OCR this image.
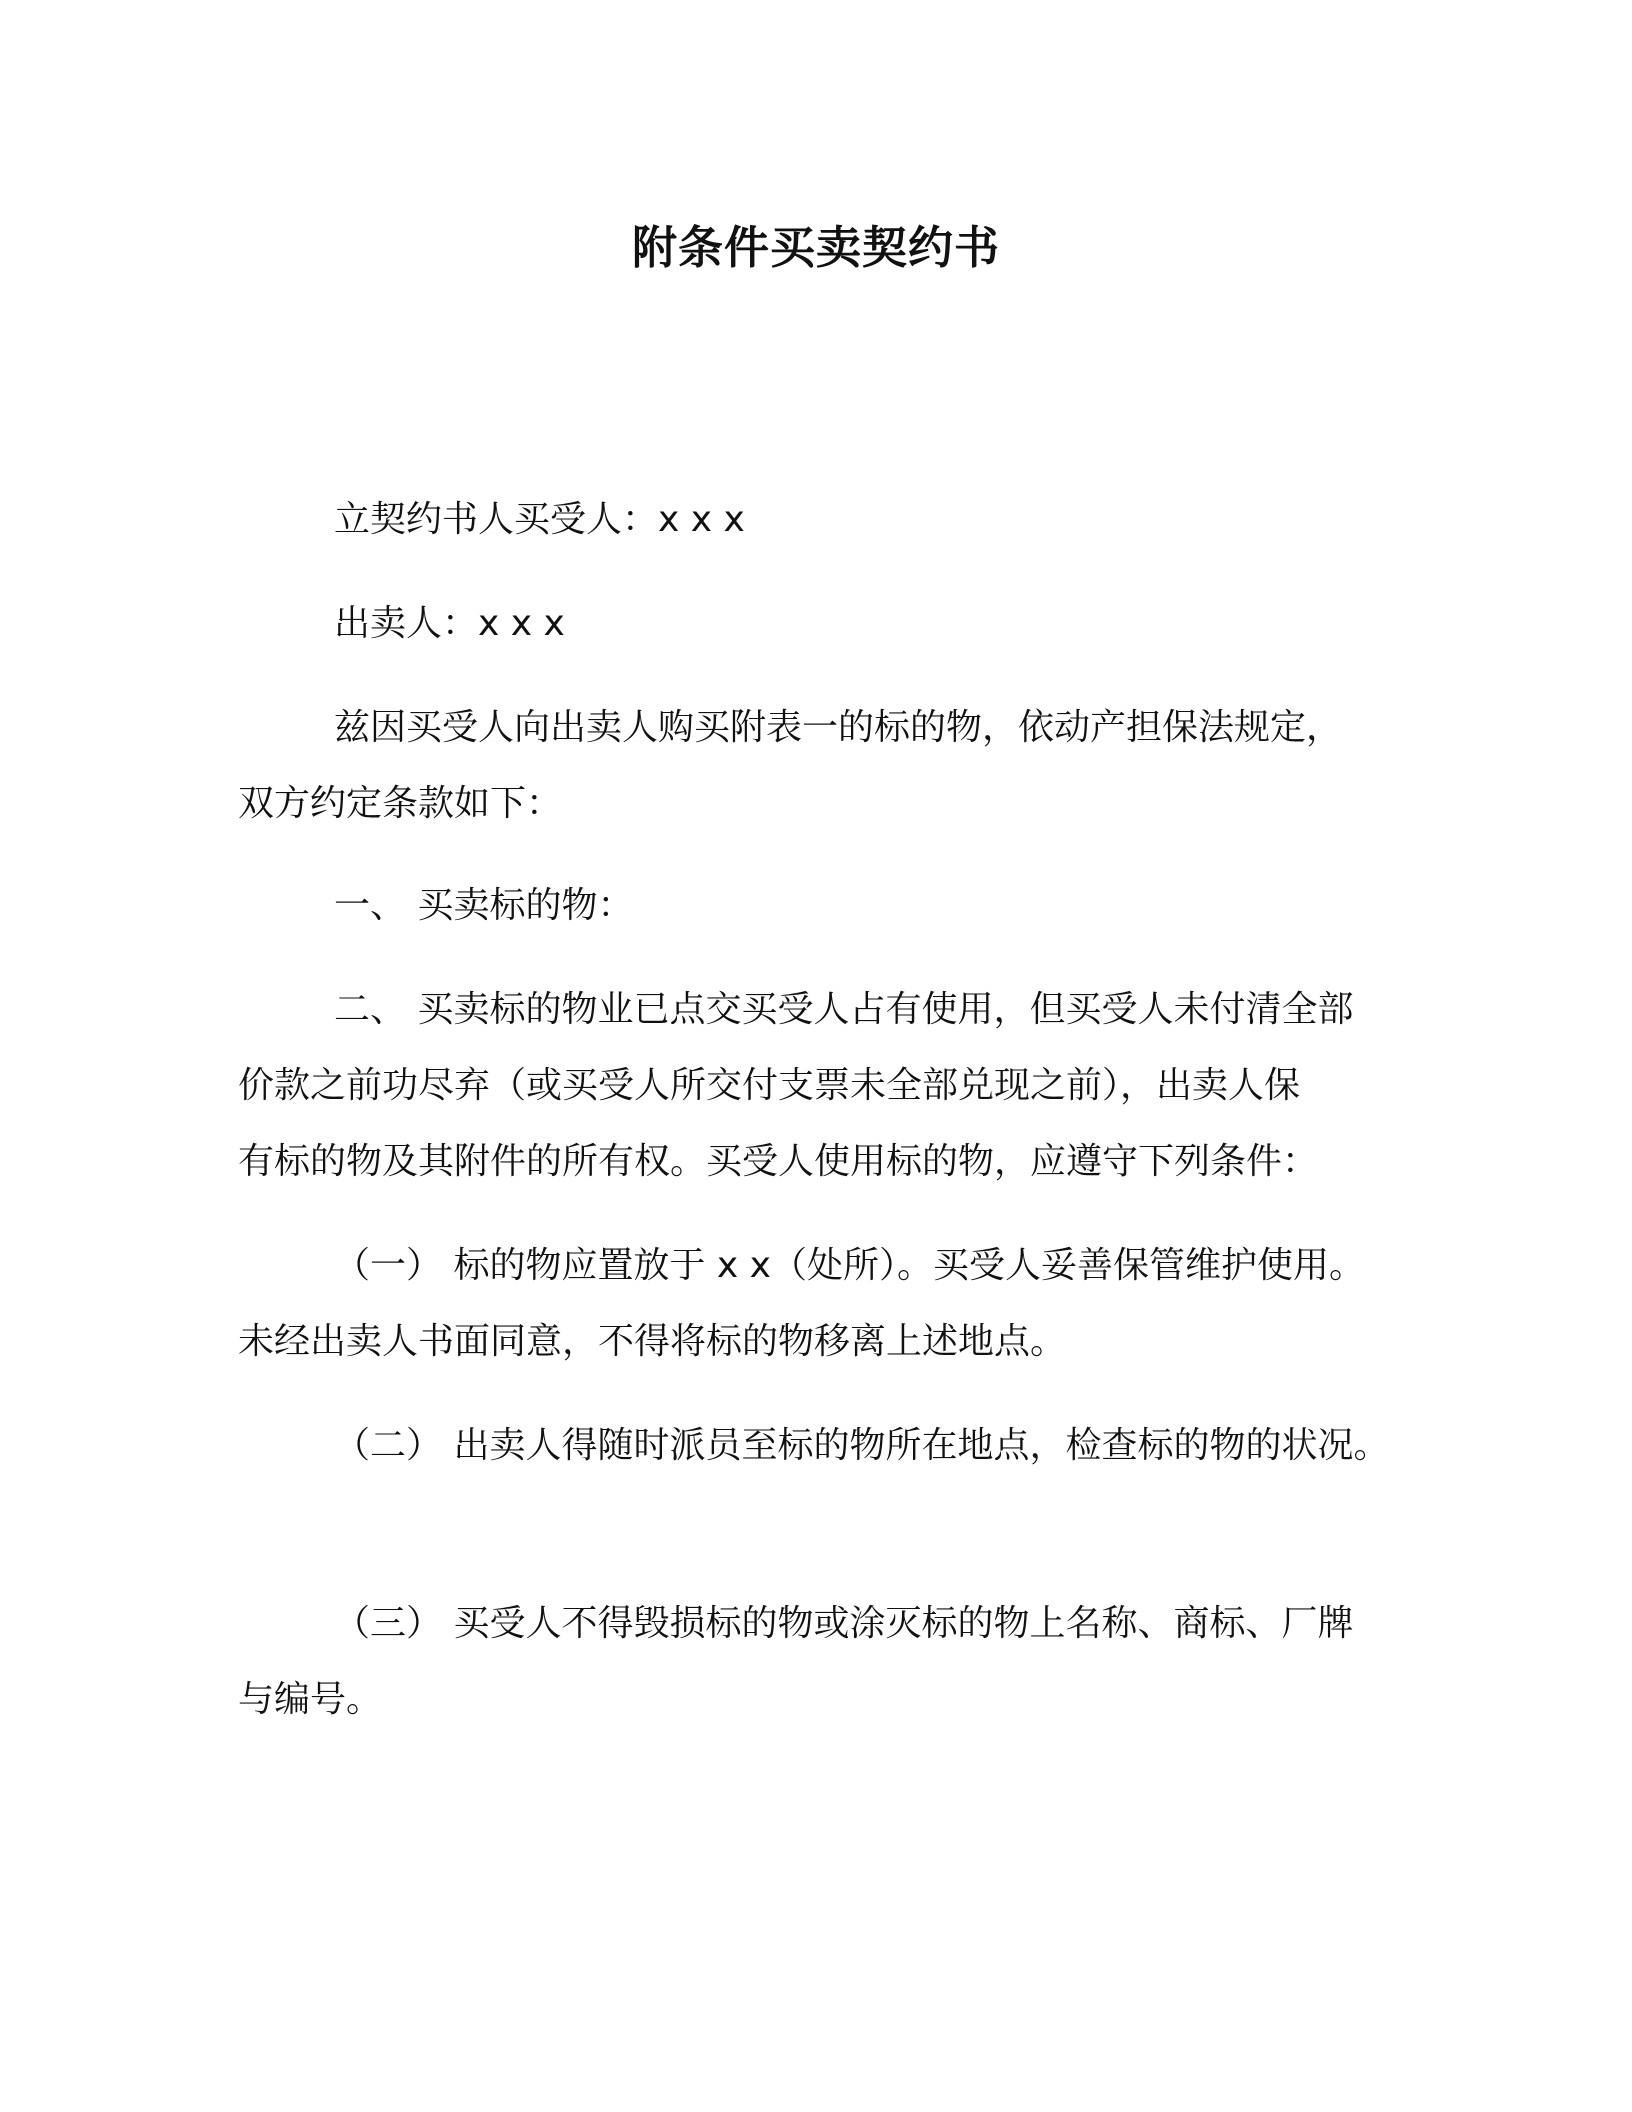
附条件买卖契约书
立契约书人买受人：x x x
出卖人：x x x
兹因买受人向出卖人购买附表一的标的物，依动产担保法规定，
双方约定条款如下：
一、 买卖标的物：
二、 买卖标的物业已点交买受人占有使用，但买受人未付清全部
价款之前功尽弃（或买受人所交付支票未全部兑现之前），出卖人保
有标的物及其附件的所有权。买受人使用标的物，应遵守下列条件：
（一） 标的物应置放于 x x（处所）。买受人妥善保管维护使用。
未经出卖人书面同意，不得将标的物移离上述地点。
（二） 出卖人得随时派员至标的物所在地点，检查标的物的状况。
（三） 买受人不得毁损标的物或涂灭标的物上名称、商标、厂牌
与编号。
